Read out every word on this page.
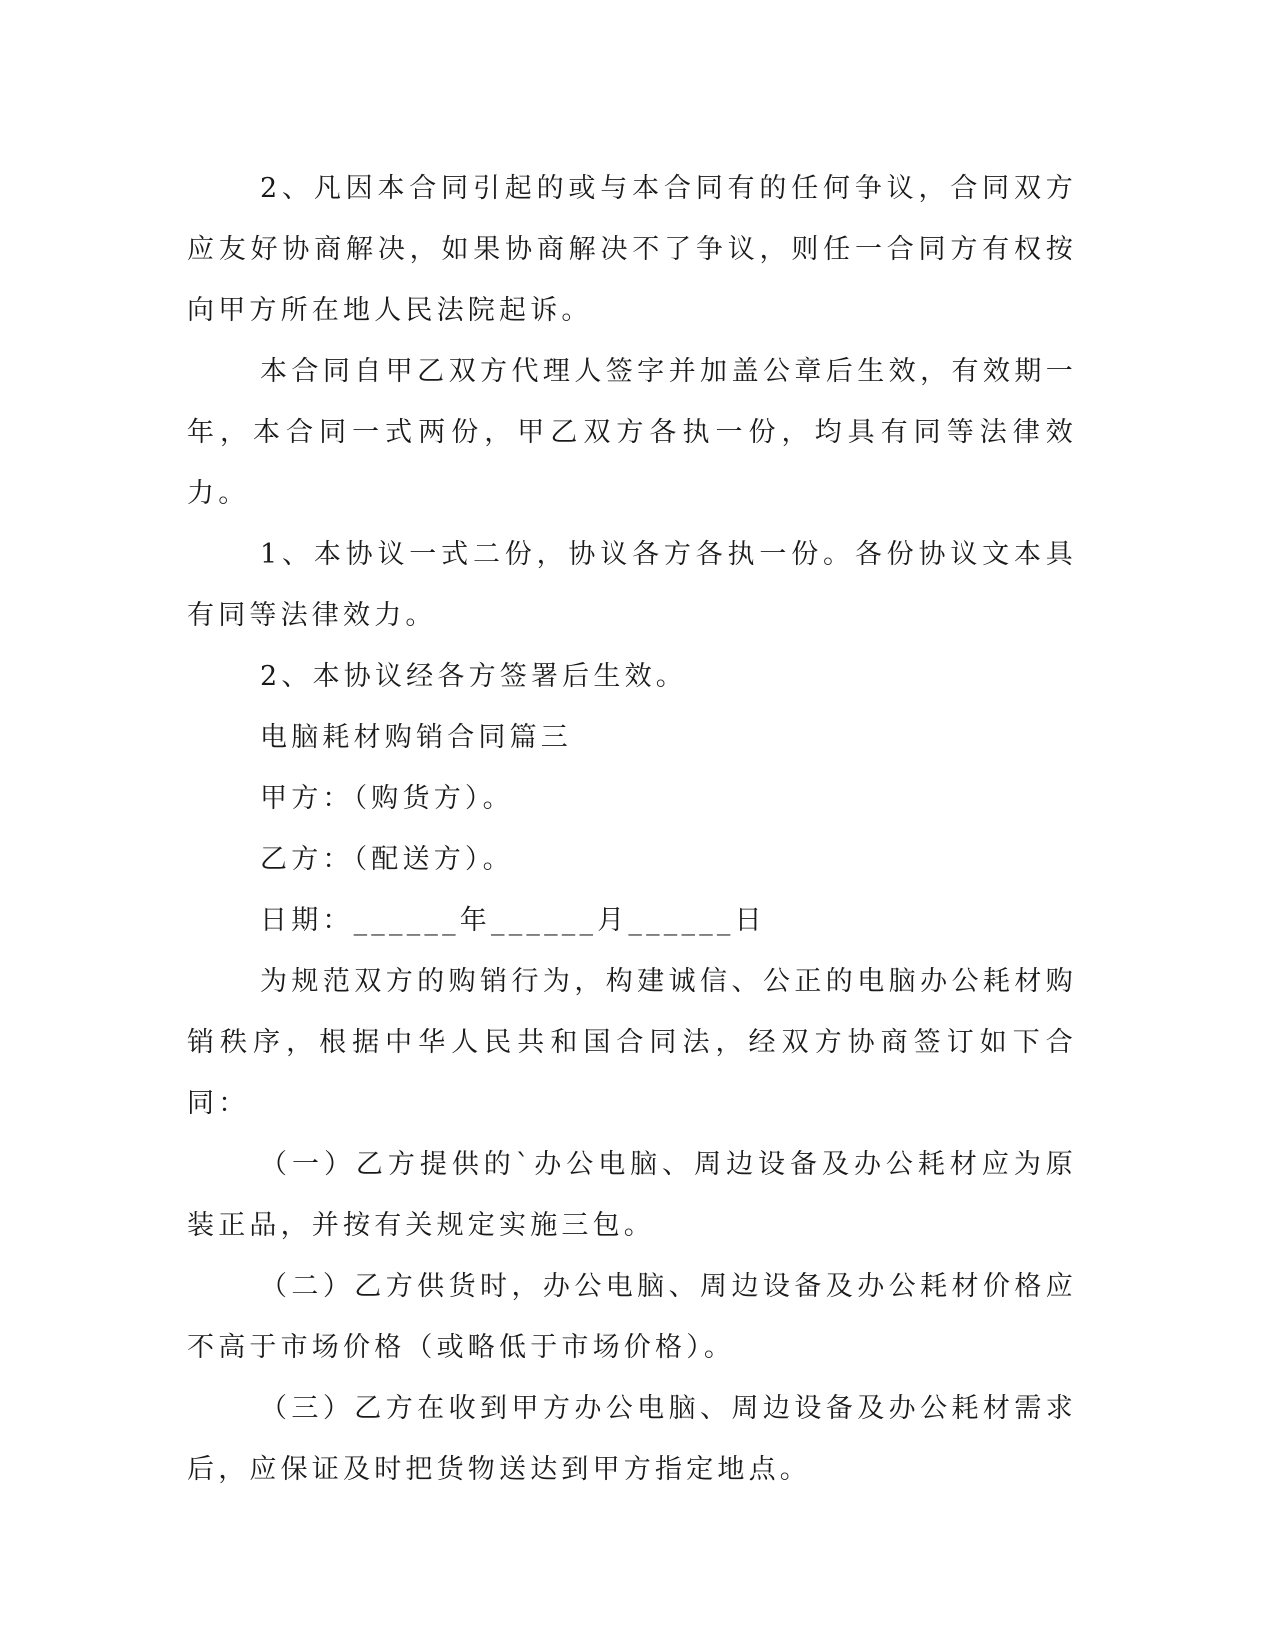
2、凡因本合同引起的或与本合同有的任何争议，合同双方应友好协商解决，如果协商解决不了争议，则任一合同方有权按向甲方所在地人民法院起诉。

本合同自甲乙双方代理人签字并加盖公章后生效，有效期一年，本合同一式两份，甲乙双方各执一份，均具有同等法律效力。

1、本协议一式二份，协议各方各执一份。各份协议文本具有同等法律效力。

2、本协议经各方签署后生效。

电脑耗材购销合同篇三

甲方：（购货方）。

乙方：（配送方）。

日期：______年______月______日

为规范双方的购销行为，构建诚信、公正的电脑办公耗材购销秩序，根据中华人民共和国合同法，经双方协商签订如下合同：

（一）乙方提供的`办公电脑、周边设备及办公耗材应为原装正品，并按有关规定实施三包。

（二）乙方供货时，办公电脑、周边设备及办公耗材价格应不高于市场价格（或略低于市场价格）。

（三）乙方在收到甲方办公电脑、周边设备及办公耗材需求后，应保证及时把货物送达到甲方指定地点。
